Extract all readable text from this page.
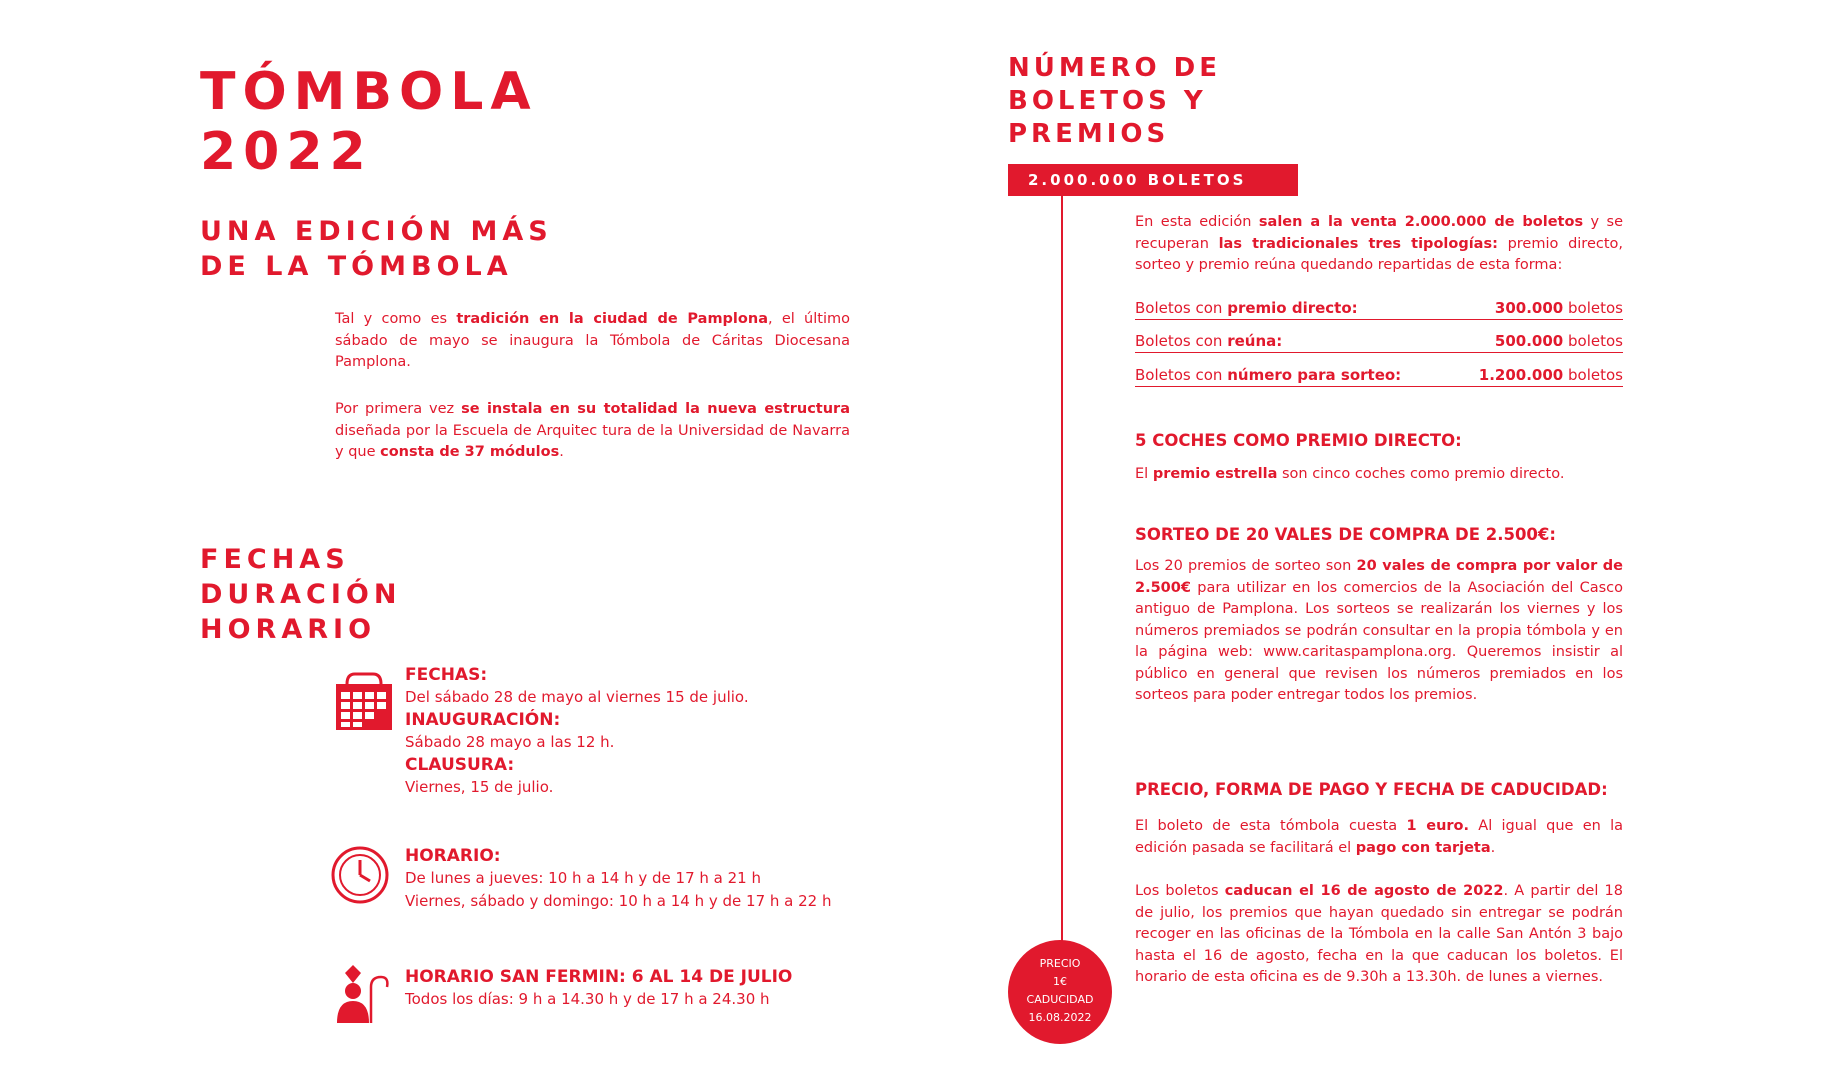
TÓMBOLA
2022
UNA EDICIÓN MÁS
DE LA TÓMBOLA

Tal y como es tradición en la ciudad de Pamplona, el último sábado de mayo se inaugura la Tómbola de Cáritas Diocesana Pamplona.

Por primera vez se instala en su totalidad la nueva estructura diseñada por la Escuela de Arquitec tura de la Universidad de Navarra y que consta de 37 módulos.

FECHAS
DURACIÓN
HORARIO
FECHAS:
Del sábado 28 de mayo al viernes 15 de julio.
INAUGURACIÓN:
Sábado 28 mayo a las 12 h.
CLAUSURA:
Viernes, 15 de julio.
HORARIO:
De lunes a jueves: 10 h a 14 h y de 17 h a 21 h
Viernes, sábado y domingo: 10 h a 14 h y de 17 h a 22 h
HORARIO SAN FERMIN: 6 AL 14 DE JULIO
Todos los días: 9 h a 14.30 h y de 17 h a 24.30 h
NÚMERO DE
BOLETOS Y
PREMIOS
2.000.000 BOLETOS

En esta edición salen a la venta 2.000.000 de boletos y se recuperan las tradicionales tres tipologías: premio directo, sorteo y premio reúna quedando repartidas de esta forma:

Boletos con premio directo:	300.000 boletos
Boletos con reúna:	500.000 boletos
Boletos con número para sorteo:	1.200.000 boletos
5 COCHES COMO PREMIO DIRECTO:

El premio estrella son cinco coches como premio directo.

SORTEO DE 20 VALES DE COMPRA DE 2.500€:

Los 20 premios de sorteo son 20 vales de compra por valor de 2.500€ para utilizar en los comercios de la Asociación del Casco antiguo de Pamplona. Los sorteos se realizarán los viernes y los números premiados se podrán consultar en la propia tómbola y en la página web: www.caritaspamplona.org. Queremos insistir al público en general que revisen los números premiados en los sorteos para poder entregar todos los premios.

PRECIO, FORMA DE PAGO Y FECHA DE CADUCIDAD:

El boleto de esta tómbola cuesta 1 euro. Al igual que en la edición pasada se facilitará el pago con tarjeta.

Los boletos caducan el 16 de agosto de 2022. A partir del 18 de julio, los premios que hayan quedado sin entregar se podrán recoger en las oficinas de la Tómbola en la calle San Antón 3 bajo hasta el 16 de agosto, fecha en la que caducan los boletos. El horario de esta oficina es de 9.30h a 13.30h. de lunes a viernes.

PRECIO
1€
CADUCIDAD
16.08.2022
